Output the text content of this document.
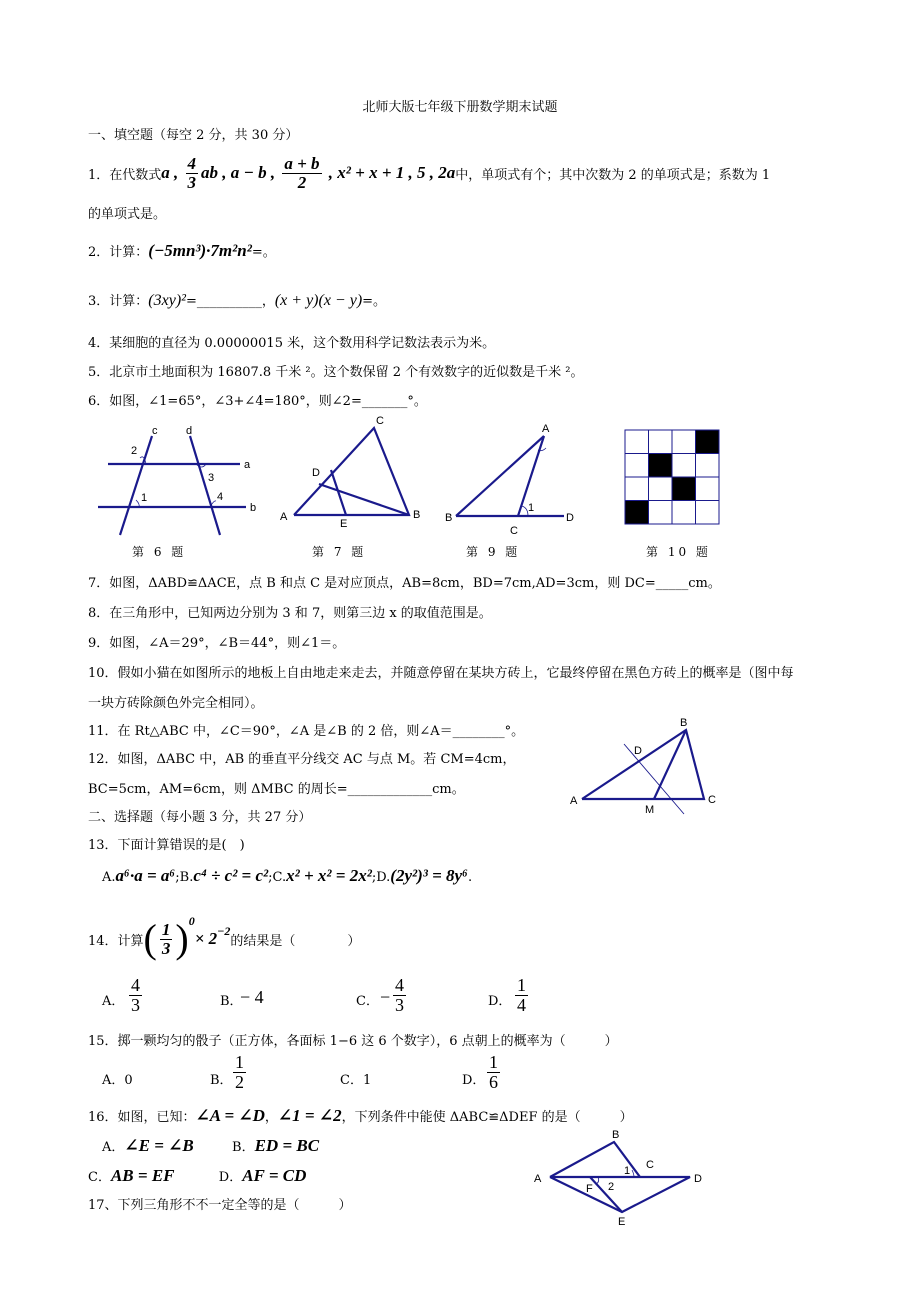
北师大版七年级下册数学期末试题
一、填空题（每空 2 分，共 30 分）
1．在代数式 a , $\frac{4}{3}$ ab , a − b , $\frac{a + b}{2}$ , x² + x + 1 , 5 , 2a 中，单项式有个；其中次数为 2 的单项式是；系数为 1
的单项式是。
2．计算：(−5mn³)·7m²n²=。
3．计算：(3xy)²=__________，(x + y)(x − y)=。
4．某细胞的直径为 0.00000015 米，这个数用科学记数法表示为米。
5．北京市土地面积为 16807.8 千米 ²。这个数保留 2 个有效数字的近似数是千米 ²。
6．如图，∠1=65°，∠3+∠4=180°，则∠2=_______°。
c	d
a
b
2
3
1	4
C
D
A	B
E
A
B
C
D
1
第 6 题	第 7 题	第 9 题	第 10 题
7．如图，ΔABD≌ΔACE，点 B 和点 C 是对应顶点，AB=8cm，BD=7cm,AD=3cm，则 DC=_____cm。
8．在三角形中，已知两边分别为 3 和 7，则第三边 x 的取值范围是。
9．如图，∠A＝29°，∠B＝44°，则∠1＝。
10．假如小猫在如图所示的地板上自由地走来走去，并随意停留在某块方砖上，它最终停留在黑色方砖上的概率是（图中每
一块方砖除颜色外完全相同）。
11．在 Rt△ABC 中，∠C＝90°，∠A 是∠B 的 2 倍，则∠A＝________°。
12．如图，ΔABC 中，AB 的垂直平分线交 AC 与点 M。若 CM=4cm，
BC=5cm，AM=6cm，则 ΔMBC 的周长=_____________cm。
B
D
A	C
M
二、选择题（每小题 3 分，共 27 分）
13．下面计算错误的是(　)
A.a⁶·a = a⁶;B.c⁴ ÷ c² = c²;C.x² + x² = 2x²;D.(2y²)³ = 8y⁶.
14．计算 ( $\frac{1}{3}$ ) 0
× 2 −2
的结果是（　　　　）
A． $\frac{4}{3}$	B．
− 4	C． − $\frac{4}{3}$	D． $\frac{1}{4}$
15．掷一颗均匀的骰子（正方体，各面标 1−6 这 6 个数字），6 点朝上的概率为（　　　）
A．0	B． $\frac{1}{2}$	C．1	D． $\frac{1}{6}$
16．如图，已知：∠A = ∠D，∠1 = ∠2，下列条件中能使 ΔABC≌ΔDEF 的是（　　　）
A．∠E = ∠B	B．ED = BC
C．AB = EF	D．AF = CD
B
C
1
A	D
F 2
E
17、下列三角形不不一定全等的是（　　　）
